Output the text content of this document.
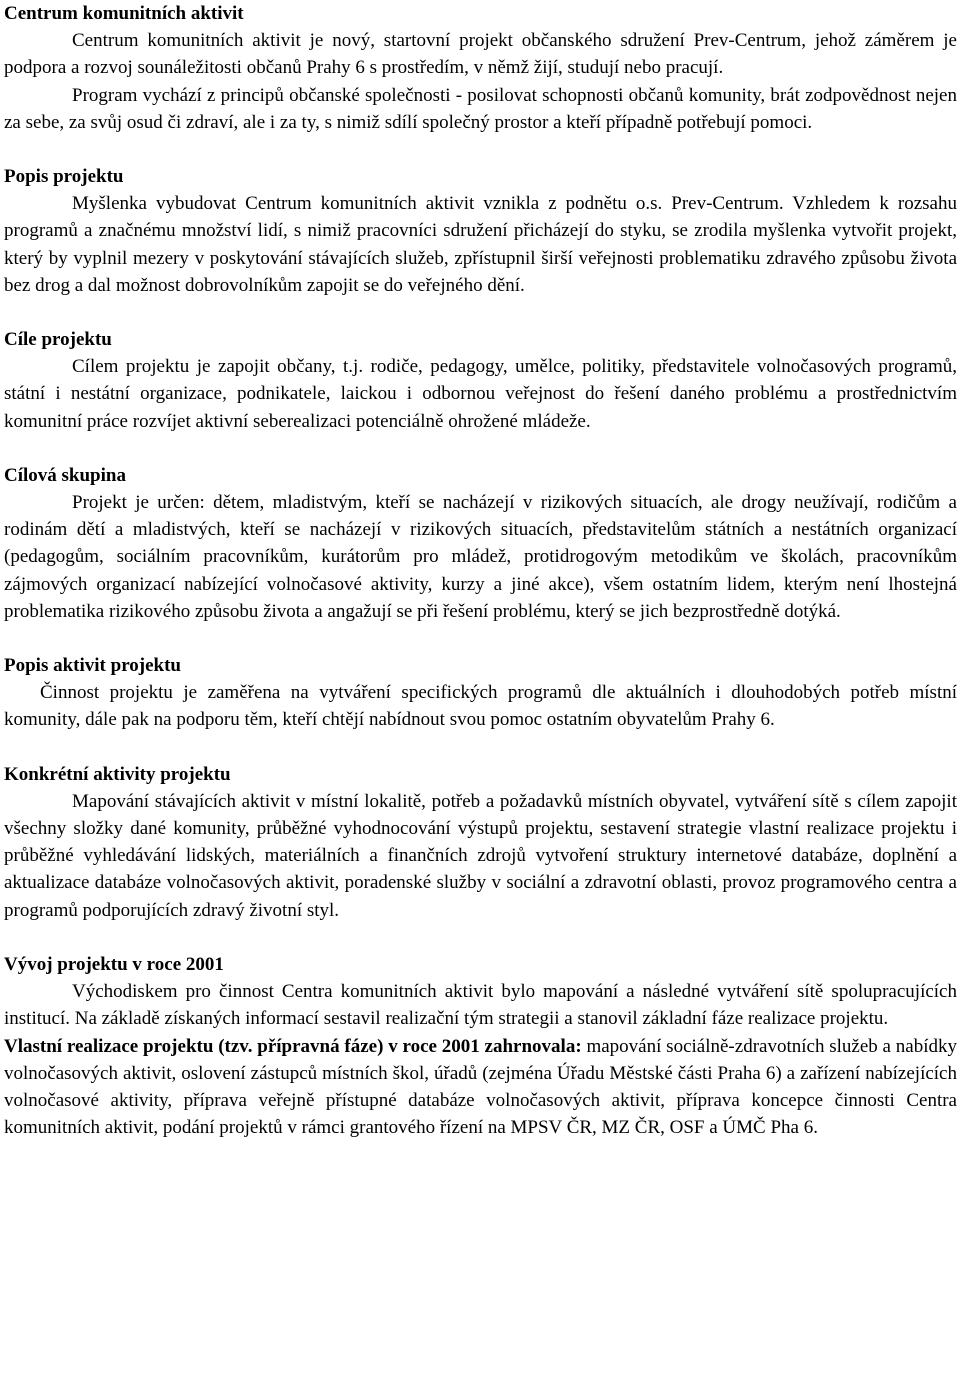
Centrum komunitních aktivit

Centrum komunitních aktivit je nový, startovní projekt občanského sdružení Prev-Centrum, jehož záměrem je podpora a rozvoj sounáležitosti občanů Prahy 6 s prostředím, v němž žijí, studují nebo pracují.

Program vychází z principů občanské společnosti - posilovat schopnosti občanů komunity, brát zodpovědnost nejen za sebe, za svůj osud či zdraví, ale i za ty, s nimiž sdílí společný prostor a kteří případně potřebují pomoci.

Popis projektu

Myšlenka vybudovat Centrum komunitních aktivit vznikla z podnětu o.s. Prev-Centrum. Vzhledem k rozsahu programů a značnému množství lidí, s nimiž pracovníci sdružení přicházejí do styku, se zrodila myšlenka vytvořit projekt, který by vyplnil mezery v poskytování stávajících služeb, zpřístupnil širší veřejnosti problematiku zdravého způsobu života bez drog a dal možnost dobrovolníkům zapojit se do veřejného dění.

Cíle projektu

Cílem projektu je zapojit občany, t.j. rodiče, pedagogy, umělce, politiky, představitele volnočasových programů, státní i nestátní organizace, podnikatele, laickou i odbornou veřejnost do řešení daného problému a prostřednictvím komunitní práce rozvíjet aktivní seberealizaci potenciálně ohrožené mládeže.

Cílová skupina

Projekt je určen: dětem, mladistvým, kteří se nacházejí v rizikových situacích, ale drogy neužívají, rodičům a rodinám dětí a mladistvých, kteří se nacházejí v rizikových situacích, představitelům státních a nestátních organizací (pedagogům, sociálním pracovníkům, kurátorům pro mládež, protidrogovým metodikům ve školách, pracovníkům zájmových organizací nabízející volnočasové aktivity, kurzy a jiné akce), všem ostatním lidem, kterým není lhostejná problematika rizikového způsobu života a angažují se při řešení problému, který se jich bezprostředně dotýká.

Popis aktivit projektu

Činnost projektu je zaměřena na vytváření specifických programů dle aktuálních i dlouhodobých potřeb místní komunity, dále pak na podporu těm, kteří chtějí nabídnout svou pomoc ostatním obyvatelům Prahy 6.

Konkrétní aktivity projektu

Mapování stávajících aktivit v místní lokalitě, potřeb a požadavků místních obyvatel, vytváření sítě s cílem zapojit všechny složky dané komunity, průběžné vyhodnocování výstupů projektu, sestavení strategie vlastní realizace projektu i průběžné vyhledávání lidských, materiálních a finančních zdrojů vytvoření struktury internetové databáze, doplnění a aktualizace databáze volnočasových aktivit, poradenské služby v sociální a zdravotní oblasti, provoz programového centra a programů podporujících zdravý životní styl.

Vývoj projektu v roce 2001

Východiskem pro činnost Centra komunitních aktivit bylo mapování a následné vytváření sítě spolupracujících institucí. Na základě získaných informací sestavil realizační tým strategii a stanovil základní fáze realizace projektu.

Vlastní realizace projektu (tzv. přípravná fáze) v roce 2001 zahrnovala: mapování sociálně-zdravotních služeb a nabídky volnočasových aktivit, oslovení zástupců místních škol, úřadů (zejména Úřadu Městské části Praha 6) a zařízení nabízejících volnočasové aktivity, příprava veřejně přístupné databáze volnočasových aktivit, příprava koncepce činnosti Centra komunitních aktivit, podání projektů v rámci grantového řízení na MPSV ČR, MZ ČR, OSF a ÚMČ Pha 6.
